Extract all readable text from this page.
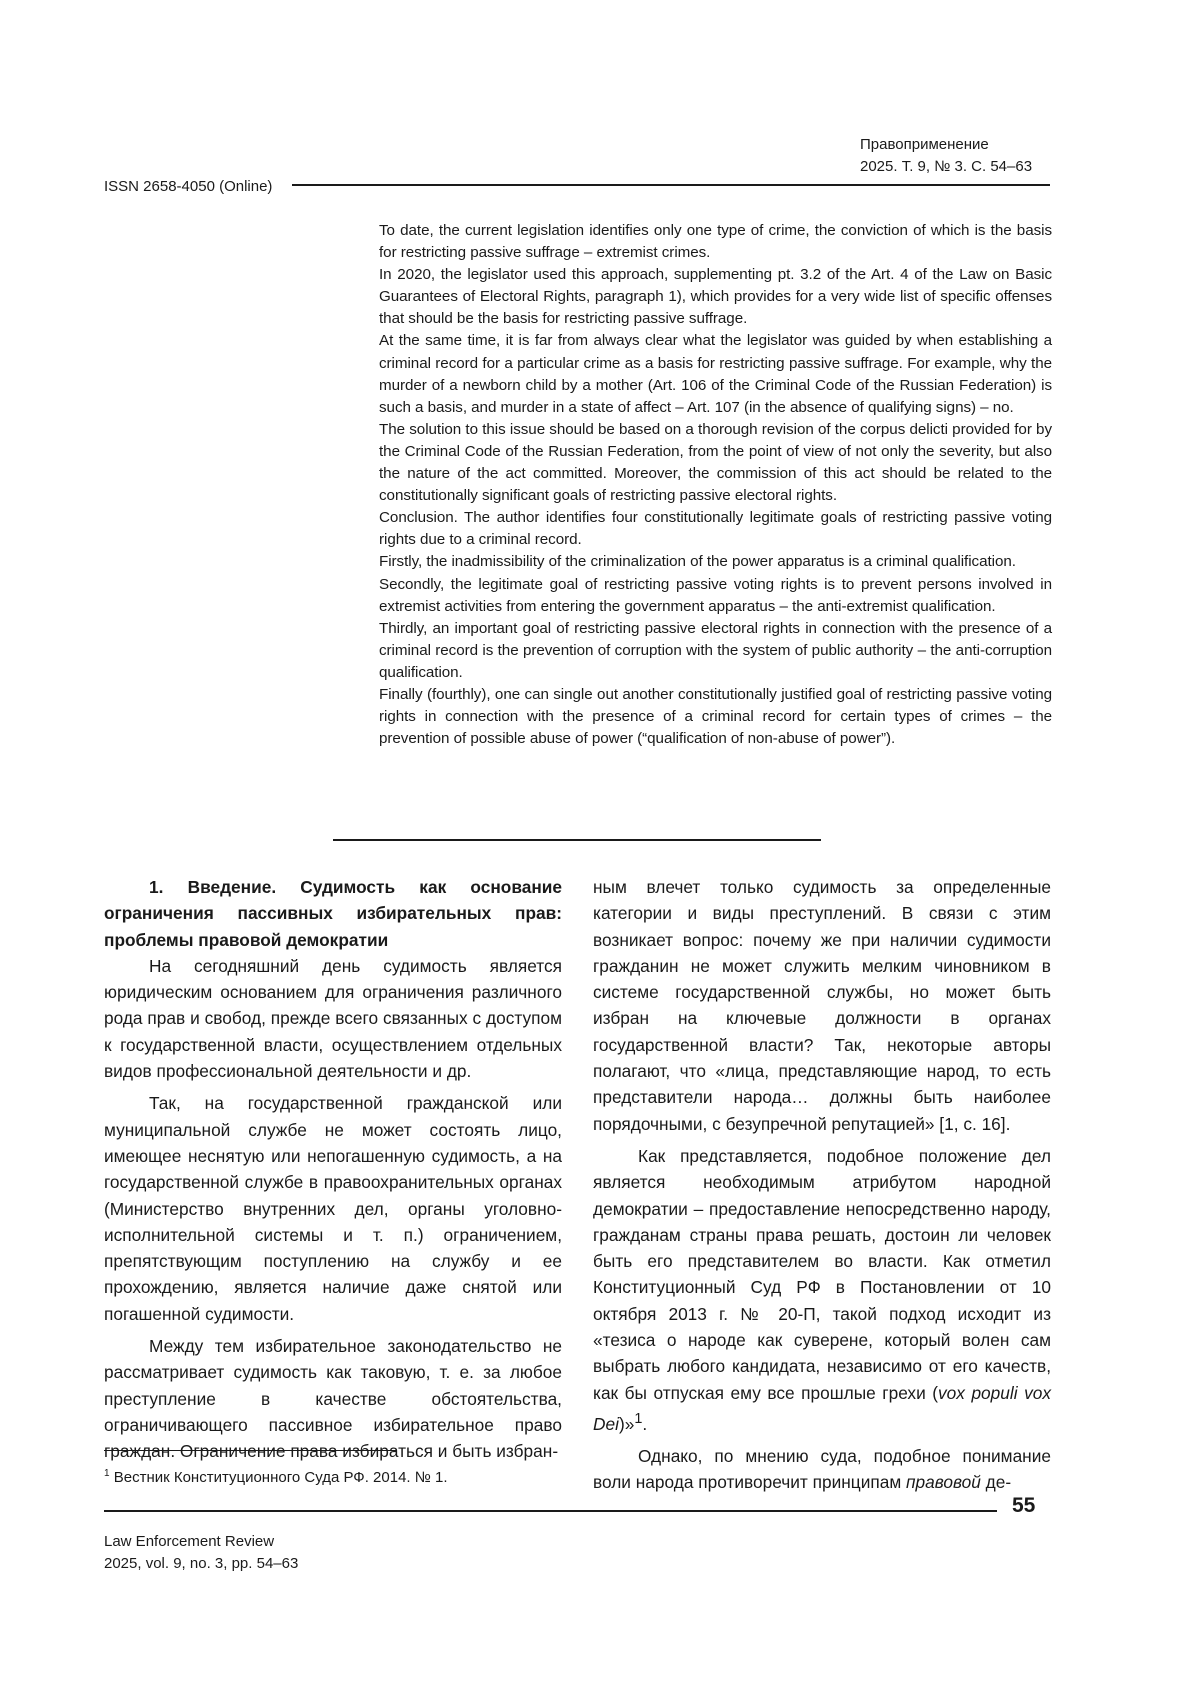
Правоприменение
2025. Т. 9, № 3. С. 54–63
ISSN 2658-4050 (Online)

To date, the current legislation identifies only one type of crime, the conviction of which is the basis for restricting passive suffrage – extremist crimes.

In 2020, the legislator used this approach, supplementing pt. 3.2 of the Art. 4 of the Law on Basic Guarantees of Electoral Rights, paragraph 1), which provides for a very wide list of specific offenses that should be the basis for restricting passive suffrage.

At the same time, it is far from always clear what the legislator was guided by when establishing a criminal record for a particular crime as a basis for restricting passive suffrage. For example, why the murder of a newborn child by a mother (Art. 106 of the Criminal Code of the Russian Federation) is such a basis, and murder in a state of affect – Art. 107 (in the absence of qualifying signs) – no.

The solution to this issue should be based on a thorough revision of the corpus delicti provided for by the Criminal Code of the Russian Federation, from the point of view of not only the severity, but also the nature of the act committed. Moreover, the commission of this act should be related to the constitutionally significant goals of restricting passive electoral rights.

Conclusion. The author identifies four constitutionally legitimate goals of restricting passive voting rights due to a criminal record.

Firstly, the inadmissibility of the criminalization of the power apparatus is a criminal qualification.

Secondly, the legitimate goal of restricting passive voting rights is to prevent persons involved in extremist activities from entering the government apparatus – the anti-extremist qualification.

Thirdly, an important goal of restricting passive electoral rights in connection with the presence of a criminal record is the prevention of corruption with the system of public authority – the anti-corruption qualification.

Finally (fourthly), one can single out another constitutionally justified goal of restricting passive voting rights in connection with the presence of a criminal record for certain types of crimes – the prevention of possible abuse of power (“qualification of non-abuse of power”).

1. Введение. Судимость как основание ограничения пассивных избирательных прав: проблемы правовой демократии

На сегодняшний день судимость является юридическим основанием для ограничения различного рода прав и свобод, прежде всего связанных с доступом к государственной власти, осуществлением отдельных видов профессиональной деятельности и др.

Так, на государственной гражданской или муниципальной службе не может состоять лицо, имеющее неснятую или непогашенную судимость, а на государственной службе в правоохранительных органах (Министерство внутренних дел, органы уголовно-исполнительной системы и т. п.) ограничением, препятствующим поступлению на службу и ее прохождению, является наличие даже снятой или погашенной судимости.

Между тем избирательное законодательство не рассматривает судимость как таковую, т. е. за любое преступление в качестве обстоятельства, ограничивающего пассивное избирательное право граждан. Ограничение права избираться и быть избран-

ным влечет только судимость за определенные категории и виды преступлений. В связи с этим возникает вопрос: почему же при наличии судимости гражданин не может служить мелким чиновником в системе государственной службы, но может быть избран на ключевые должности в органах государственной власти? Так, некоторые авторы полагают, что «лица, представляющие народ, то есть представители народа… должны быть наиболее порядочными, с безупречной репутацией» [1, с. 16].

Как представляется, подобное положение дел является необходимым атрибутом народной демократии – предоставление непосредственно народу, гражданам страны права решать, достоин ли человек быть его представителем во власти. Как отметил Конституционный Суд РФ в Постановлении от 10 октября 2013 г. № 20-П, такой подход исходит из «тезиса о народе как суверене, который волен сам выбрать любого кандидата, независимо от его качеств, как бы отпуская ему все прошлые грехи (vox populi vox Dei)»$^1$.

Однако, по мнению суда, подобное понимание воли народа противоречит принципам правовой де-

$^1$ Вестник Конституционного Суда РФ. 2014. № 1.
55
Law Enforcement Review
2025, vol. 9, no. 3, pp. 54–63
